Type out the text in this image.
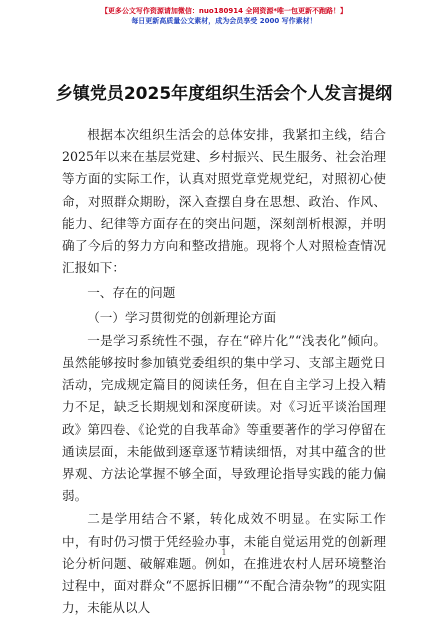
【更多公文写作资源请加微信：nuo180914 全网资源*唯一包更新不跑路！】
每日更新高质量公文素材，成为会员享受 2000 写作素材！
乡镇党员2025年度组织生活会个人发言提纲

根据本次组织生活会的总体安排，我紧扣主线，结合2025年以来在基层党建、乡村振兴、民生服务、社会治理等方面的实际工作，认真对照党章党规党纪，对照初心使命，对照群众期盼，深入查摆自身在思想、政治、作风、能力、纪律等方面存在的突出问题，深刻剖析根源，并明确了今后的努力方向和整改措施。现将个人对照检查情况汇报如下：

一、存在的问题

（一）学习贯彻党的创新理论方面

一是学习系统性不强，存在“碎片化”“浅表化”倾向。虽然能够按时参加镇党委组织的集中学习、支部主题党日活动，完成规定篇目的阅读任务，但在自主学习上投入精力不足，缺乏长期规划和深度研读。对《习近平谈治国理政》第四卷、《论党的自我革命》等重要著作的学习停留在通读层面，未能做到逐章逐节精读细悟，对其中蕴含的世界观、方法论掌握不够全面，导致理论指导实践的能力偏弱。

二是学用结合不紧，转化成效不明显。在实际工作中，有时仍习惯于凭经验办事，未能自觉运用党的创新理论分析问题、破解难题。例如，在推进农村人居环境整治过程中，面对群众“不愿拆旧棚”“不配合清杂物”的现实阻力，未能从以人

1
